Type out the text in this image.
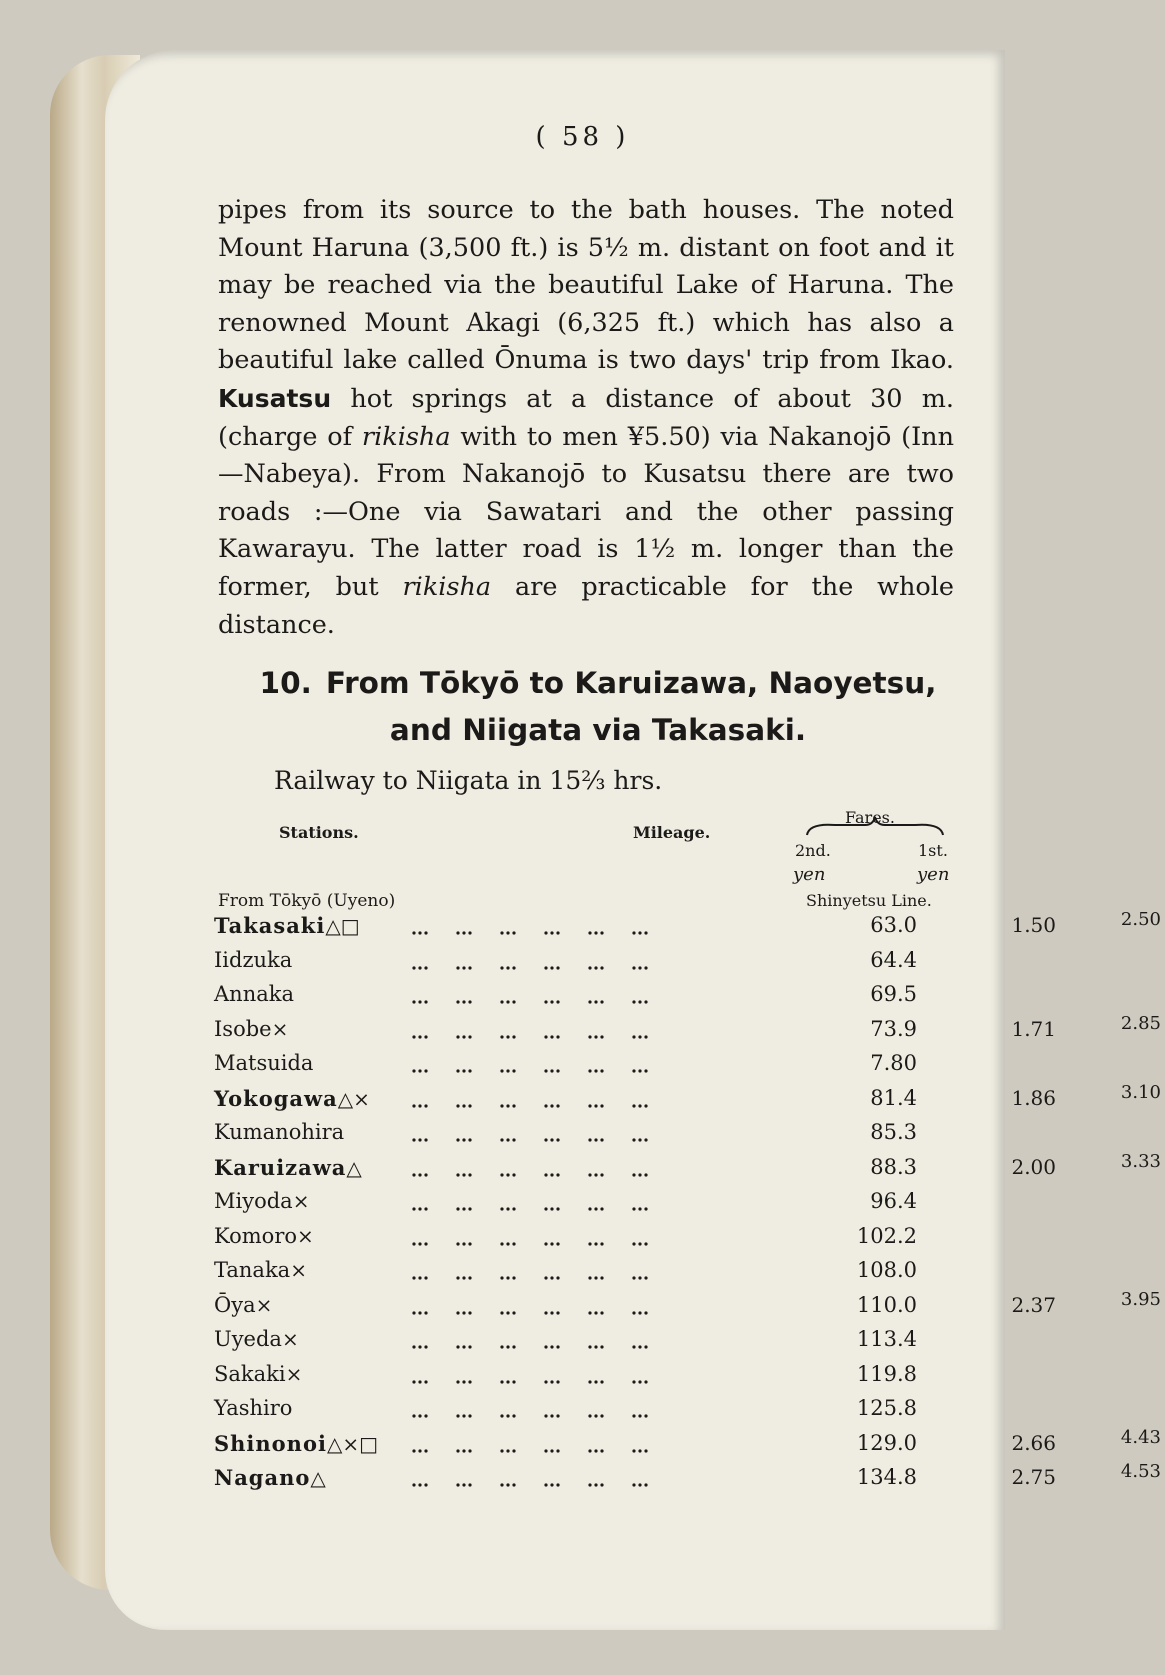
( 58 )

pipes from its source to the bath houses. The noted Mount Haruna (3,500 ft.) is 5½ m. distant on foot and it may be reached via the beautiful Lake of Haruna. The renowned Mount Akagi (6,325 ft.) which has also a beautiful lake called Ōnuma is two days' trip from Ikao. Kusatsu hot springs at a distance of about 30 m. (charge of rikisha with to men ¥5.50) via Nakanojō (Inn—Nabeya). From Nakanojō to Kusatsu there are two roads :—One via Sawatari and the other passing Kawarayu. The latter road is 1½ m. longer than the former, but rikisha are practicable for the whole distance.

10. From Tōkyō to Karuizawa, Naoyetsu,
and Niigata via Takasaki.
Railway to Niigata in 15⅔ hrs.
Stations.	Mileage.
Fares.
2nd.	1st.
yen	yen
From Tōkyō (Uyeno)	Shinyetsu Line.
Takasaki△□	63.0	1.50	2.50
Iidzuka	64.4
Annaka	69.5
Isobe×	73.9	1.71	2.85
Matsuida	7.80
Yokogawa△×	81.4	1.86	3.10
Kumanohira	85.3
Karuizawa△	88.3	2.00	3.33
Miyoda×	96.4
Komoro×	102.2
Tanaka×	108.0
Ōya×	110.0	2.37	3.95
Uyeda×	113.4
Sakaki×	119.8
Yashiro	125.8
Shinonoi△×□	129.0	2.66	4.43
Nagano△	134.8	2.75	4.53
